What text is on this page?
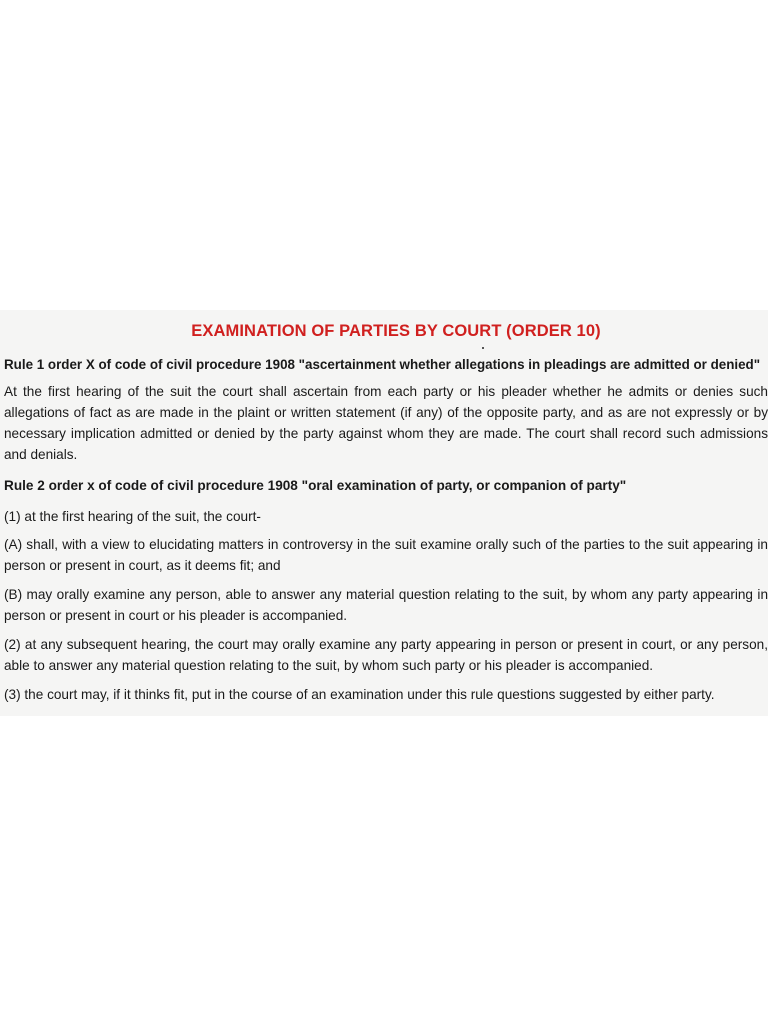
EXAMINATION OF PARTIES BY COURT (ORDER 10)
Rule 1 order X of code of civil procedure 1908 "ascertainment whether allegations in pleadings are admitted or denied"
At the first hearing of the suit the court shall ascertain from each party or his pleader whether he admits or denies such allegations of fact as are made in the plaint or written statement (if any) of the opposite party, and as are not expressly or by necessary implication admitted or denied by the party against whom they are made. The court shall record such admissions and denials.
Rule 2 order x of code of civil procedure 1908 "oral examination of party, or companion of party"
(1) at the first hearing of the suit, the court-
(A) shall, with a view to elucidating matters in controversy in the suit examine orally such of the parties to the suit appearing in person or present in court, as it deems fit; and
(B) may orally examine any person, able to answer any material question relating to the suit, by whom any party appearing in person or present in court or his pleader is accompanied.
(2) at any subsequent hearing, the court may orally examine any party appearing in person or present in court, or any person, able to answer any material question relating to the suit, by whom such party or his pleader is accompanied.
(3) the court may, if it thinks fit, put in the course of an examination under this rule questions suggested by either party.
